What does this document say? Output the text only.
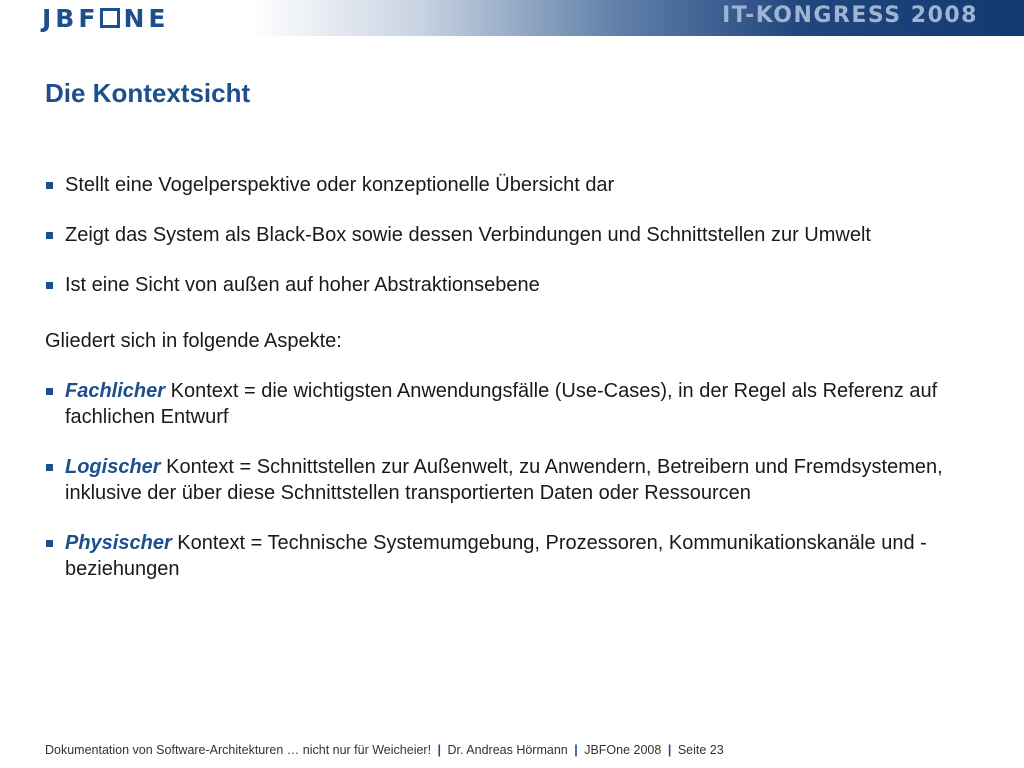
JBF NE	IT-KONGRESS 2008
Die Kontextsicht
Stellt eine Vogelperspektive oder konzeptionelle Übersicht dar
Zeigt das System als Black-Box sowie dessen Verbindungen und Schnittstellen zur Umwelt
Ist eine Sicht von außen auf hoher Abstraktionsebene

Gliedert sich in folgende Aspekte:

Fachlicher Kontext = die wichtigsten Anwendungsfälle (Use-Cases), in der Regel als Referenz auf fachlichen Entwurf
Logischer Kontext = Schnittstellen zur Außenwelt, zu Anwendern, Betreibern und Fremdsystemen, inklusive der über diese Schnittstellen transportierten Daten oder Ressourcen
Physischer Kontext = Technische Systemumgebung, Prozessoren, Kommunikationskanäle und -beziehungen
Dokumentation von Software-Architekturen … nicht nur für Weicheier! | Dr. Andreas Hörmann | JBFOne 2008 | Seite 23
